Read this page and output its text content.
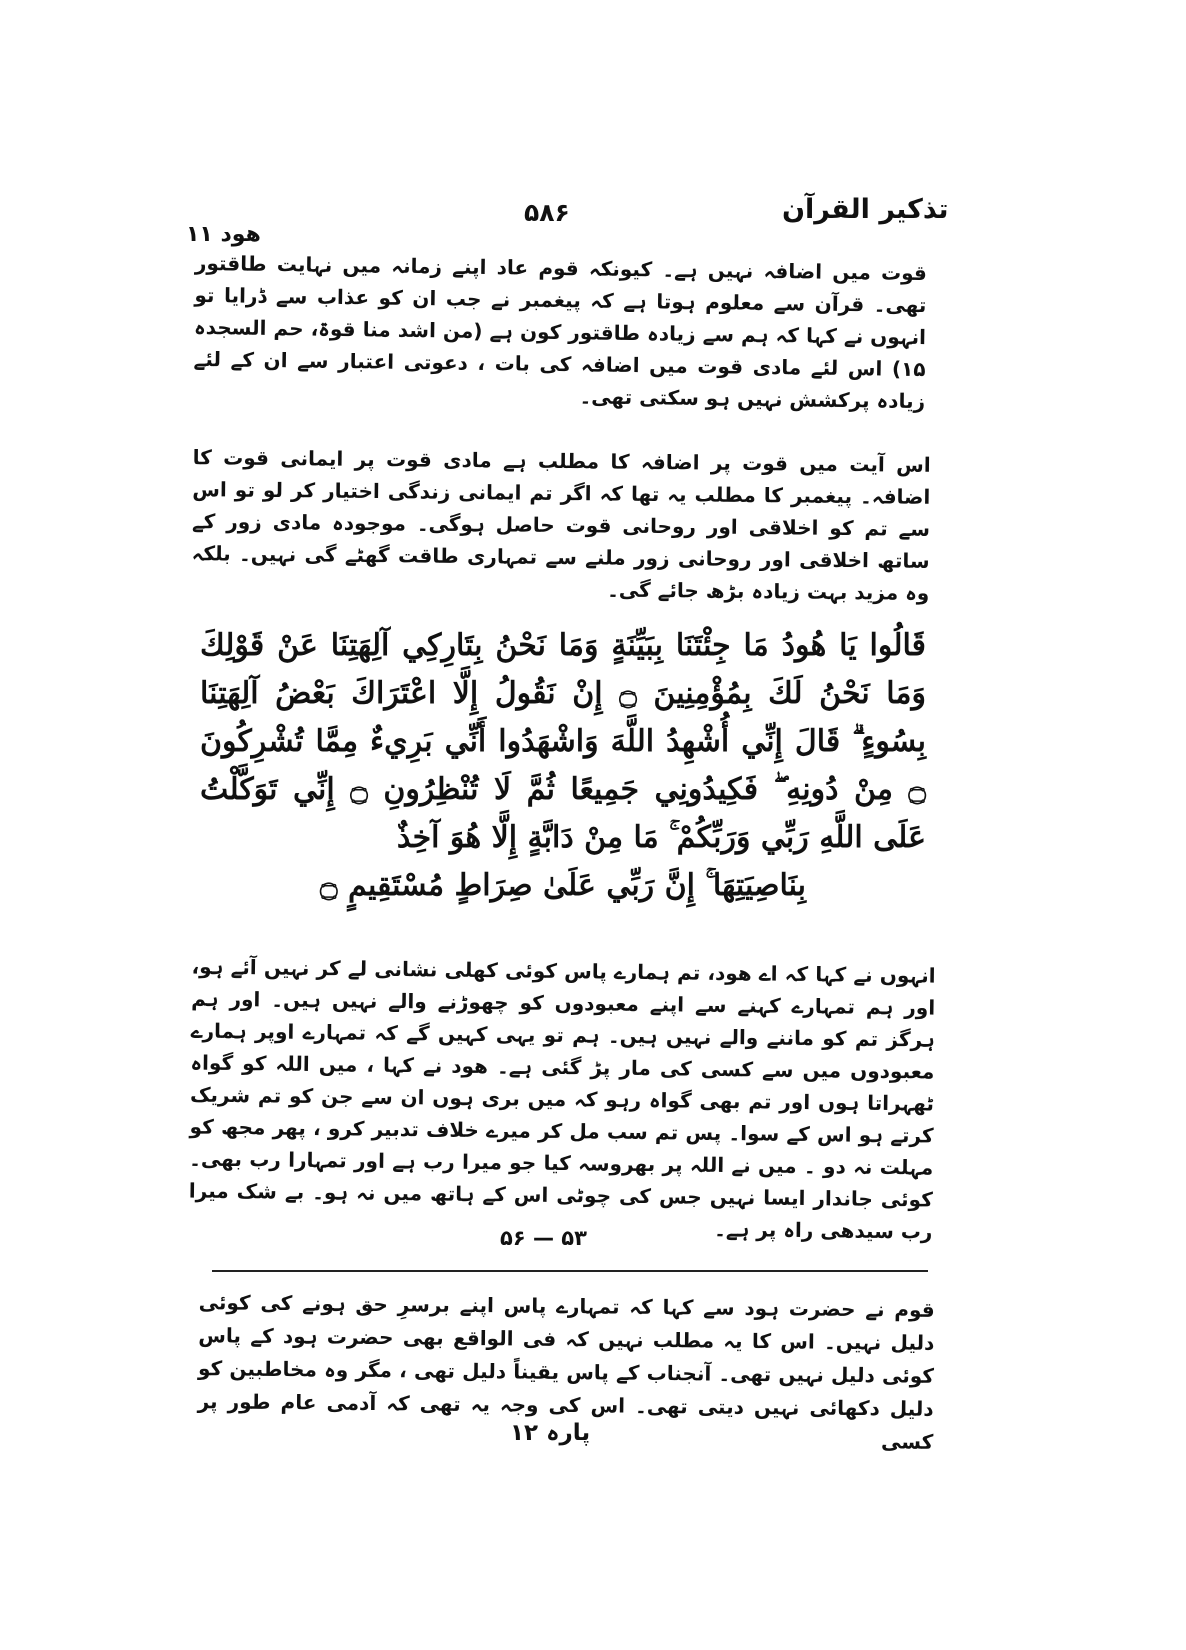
تذکیر القرآن
۵۸۶
ھود ۱۱

قوت میں اضافہ نہیں ہے۔ کیونکہ قوم عاد اپنے زمانہ میں نہایت طاقتور تھی۔ قرآن سے معلوم ہوتا ہے کہ پیغمبر نے جب ان کو عذاب سے ڈرایا تو انہوں نے کہا کہ ہم سے زیادہ طاقتور کون ہے (من اشد منا قوۃ، حم السجدہ ۱۵) اس لئے مادی قوت میں اضافہ کی بات ، دعوتی اعتبار سے ان کے لئے زیادہ پرکشش نہیں ہو سکتی تھی۔

اس آیت میں قوت پر اضافہ کا مطلب ہے مادی قوت پر ایمانی قوت کا اضافہ۔ پیغمبر کا مطلب یہ تھا کہ اگر تم ایمانی زندگی اختیار کر لو تو اس سے تم کو اخلاقی اور روحانی قوت حاصل ہوگی۔ موجودہ مادی زور کے ساتھ اخلاقی اور روحانی زور ملنے سے تمہاری طاقت گھٹے گی نہیں۔ بلکہ وہ مزید بہت زیادہ بڑھ جائے گی۔

قَالُوا يَا هُودُ مَا جِئْتَنَا بِبَيِّنَةٍ وَمَا نَحْنُ بِتَارِكِي آلِهَتِنَا عَنْ قَوْلِكَ وَمَا نَحْنُ لَكَ بِمُؤْمِنِينَ ۝ إِنْ نَقُولُ إِلَّا اعْتَرَاكَ بَعْضُ آلِهَتِنَا بِسُوءٍ ۗ قَالَ إِنِّي أُشْهِدُ اللَّهَ وَاشْهَدُوا أَنِّي بَرِيءٌ مِمَّا تُشْرِكُونَ ۝ مِنْ دُونِهِ ۖ فَكِيدُونِي جَمِيعًا ثُمَّ لَا تُنْظِرُونِ ۝ إِنِّي تَوَكَّلْتُ عَلَى اللَّهِ رَبِّي وَرَبِّكُمْ ۚ مَا مِنْ دَابَّةٍ إِلَّا هُوَ آخِذٌ

بِنَاصِيَتِهَا ۚ إِنَّ رَبِّي عَلَىٰ صِرَاطٍ مُسْتَقِيمٍ ۝

انہوں نے کہا کہ اے ھود، تم ہمارے پاس کوئی کھلی نشانی لے کر نہیں آئے ہو، اور ہم تمہارے کہنے سے اپنے معبودوں کو چھوڑنے والے نہیں ہیں۔ اور ہم ہرگز تم کو ماننے والے نہیں ہیں۔ ہم تو یہی کہیں گے کہ تمہارے اوپر ہمارے معبودوں میں سے کسی کی مار پڑ گئی ہے۔ ھود نے کہا ، میں اللہ کو گواہ ٹھہراتا ہوں اور تم بھی گواہ رہو کہ میں بری ہوں ان سے جن کو تم شریک کرتے ہو اس کے سوا۔ پس تم سب مل کر میرے خلاف تدبیر کرو ، پھر مجھ کو مہلت نہ دو ۔ میں نے اللہ پر بھروسہ کیا جو میرا رب ہے اور تمہارا رب بھی۔ کوئی جاندار ایسا نہیں جس کی چوٹی اس کے ہاتھ میں نہ ہو۔ بے شک میرا رب سیدھی راہ پر ہے۔

۵۳ — ۵۶

قوم نے حضرت ہود سے کہا کہ تمہارے پاس اپنے برسرِ حق ہونے کی کوئی دلیل نہیں۔ اس کا یہ مطلب نہیں کہ فی الواقع بھی حضرت ہود کے پاس کوئی دلیل نہیں تھی۔ آنجناب کے پاس یقیناً دلیل تھی ، مگر وہ مخاطبین کو دلیل دکھائی نہیں دیتی تھی۔ اس کی وجہ یہ تھی کہ آدمی عام طور پر کسی

پارہ ۱۲
